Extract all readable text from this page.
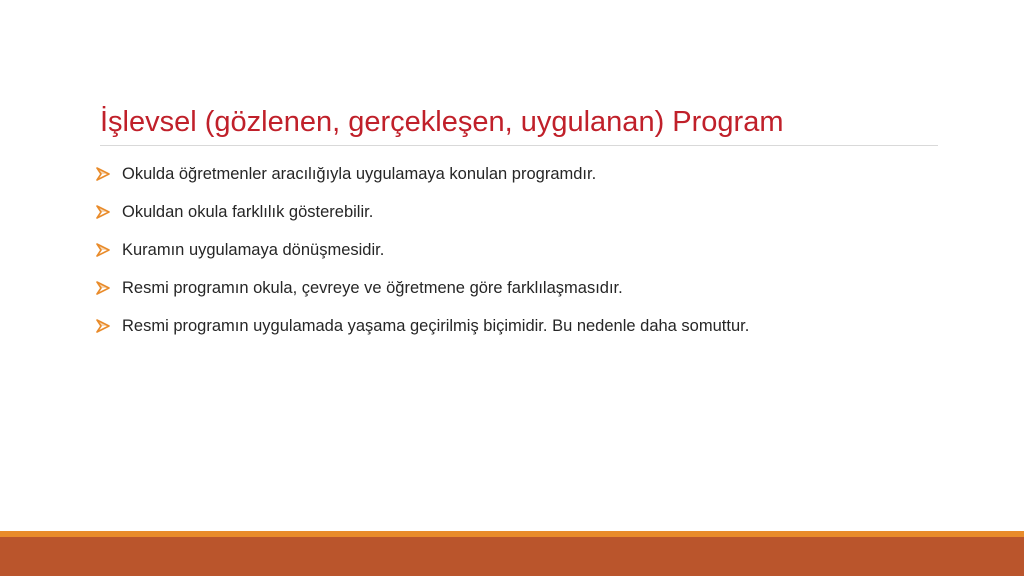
İşlevsel (gözlenen, gerçekleşen, uygulanan) Program
Okulda öğretmenler aracılığıyla uygulamaya konulan programdır.
Okuldan okula farklılık gösterebilir.
Kuramın uygulamaya dönüşmesidir.
Resmi programın okula, çevreye ve öğretmene göre farklılaşmasıdır.
Resmi programın uygulamada yaşama geçirilmiş biçimidir. Bu nedenle daha somuttur.
